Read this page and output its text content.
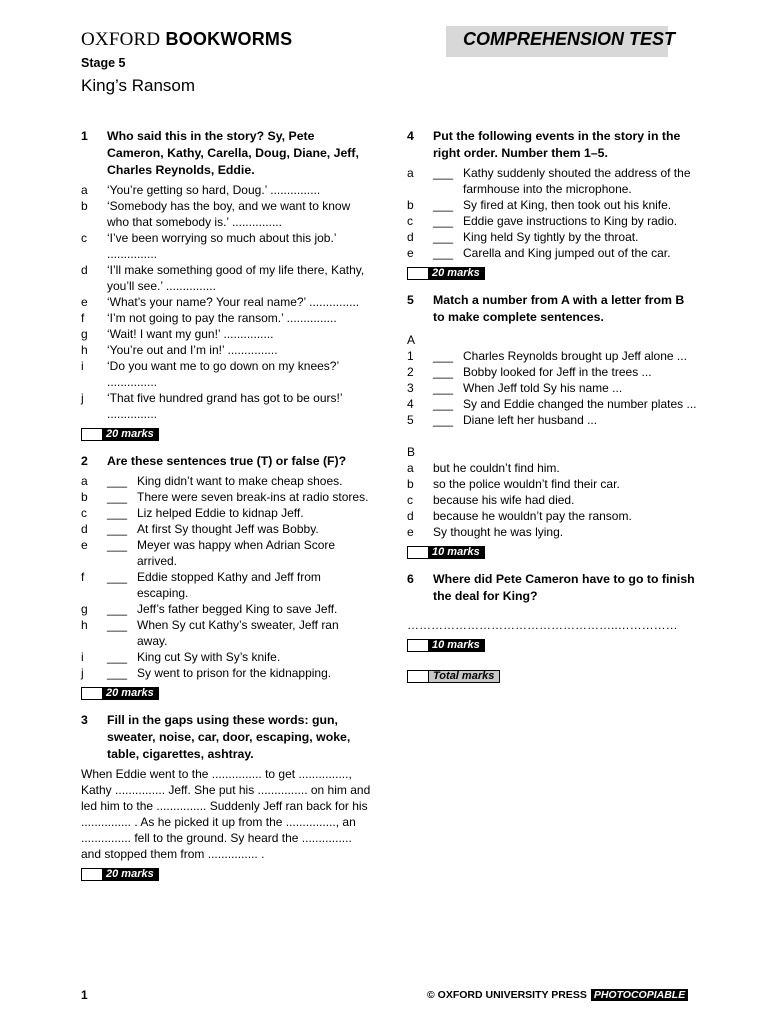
OXFORD BOOKWORMS	COMPREHENSION TEST
Stage 5
King’s Ransom
1	Who said this in the story? Sy, Pete Cameron, Kathy, Carella, Doug, Diane, Jeff, Charles Reynolds, Eddie.
a	‘You’re getting so hard, Doug.’ ...............
b	‘Somebody has the boy, and we want to know who that somebody is.’ ...............
c	‘I’ve been worrying so much about this job.’ ...............
d	‘I’ll make something good of my life there, Kathy, you’ll see.’ ...............
e	‘What’s your name? Your real name?’ ...............
f	‘I’m not going to pay the ransom.’ ...............
g	‘Wait! I want my gun!’ ...............
h	‘You’re out and I’m in!’ ...............
i	‘Do you want me to go down on my knees?’ ...............
j	‘That five hundred grand has got to be ours!’ ...............
20 marks
2	Are these sentences true (T) or false (F)?
a	___ King didn’t want to make cheap shoes.
b	___ There were seven break-ins at radio stores.
c	___ Liz helped Eddie to kidnap Jeff.
d	___ At first Sy thought Jeff was Bobby.
e	___ Meyer was happy when Adrian Score arrived.
f	___ Eddie stopped Kathy and Jeff from escaping.
g	___ Jeff’s father begged King to save Jeff.
h	___ When Sy cut Kathy’s sweater, Jeff ran away.
i	___ King cut Sy with Sy’s knife.
j	___ Sy went to prison for the kidnapping.
20 marks
3	Fill in the gaps using these words: gun, sweater, noise, car, door, escaping, woke, table, cigarettes, ashtray.
When Eddie went to the ............... to get ..............., Kathy ............... Jeff. She put his ............... on him and led him to the ............... Suddenly Jeff ran back for his ............... . As he picked it up from the ..............., an ............... fell to the ground. Sy heard the ............... and stopped them from ............... .
20 marks
4	Put the following events in the story in the right order. Number them 1–5.
a	___ Kathy suddenly shouted the address of the farmhouse into the microphone.
b	___ Sy fired at King, then took out his knife.
c	___ Eddie gave instructions to King by radio.
d	___ King held Sy tightly by the throat.
e	___ Carella and King jumped out of the car.
20 marks
5	Match a number from A with a letter from B to make complete sentences.
A
1	___ Charles Reynolds brought up Jeff alone ...
2	___ Bobby looked for Jeff in the trees ...
3	___ When Jeff told Sy his name ...
4	___ Sy and Eddie changed the number plates ...
5	___ Diane left her husband ...
B
a	but he couldn’t find him.
b	so the police wouldn’t find their car.
c	because his wife had died.
d	because he wouldn’t pay the ransom.
e	Sy thought he was lying.
10 marks
6	Where did Pete Cameron have to go to finish the deal for King?
……………………………………………..……………
10 marks
Total marks
1	© OXFORD UNIVERSITY PRESS PHOTOCOPIABLE
